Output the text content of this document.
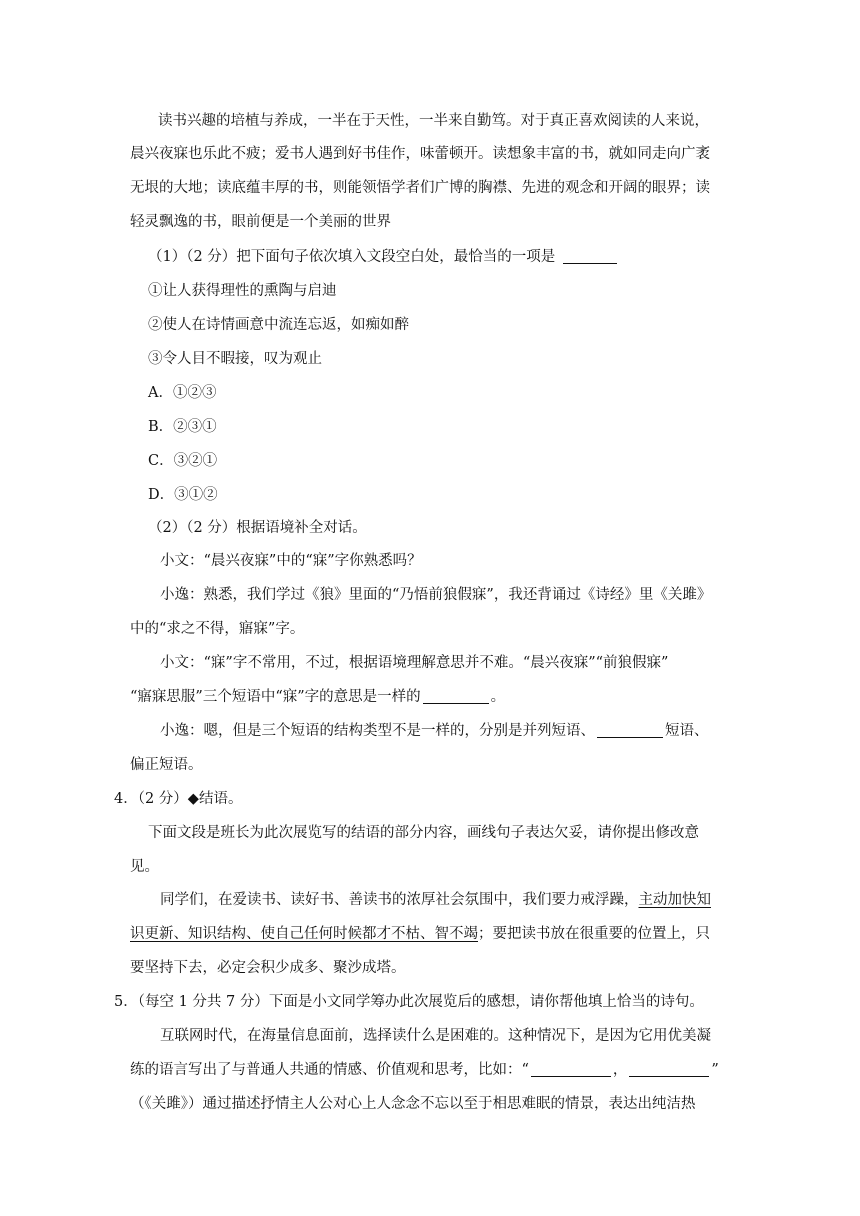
读书兴趣的培植与养成，一半在于天性，一半来自勤笃。对于真正喜欢阅读的人来说，
晨兴夜寐也乐此不疲；爱书人遇到好书佳作，味蕾顿开。读想象丰富的书，就如同走向广袤
无垠的大地；读底蕴丰厚的书，则能领悟学者们广博的胸襟、先进的观念和开阔的眼界；读
轻灵飘逸的书，眼前便是一个美丽的世界
（1）（2 分）把下面句子依次填入文段空白处，最恰当的一项是
①让人获得理性的熏陶与启迪
②使人在诗情画意中流连忘返，如痴如醉
③令人目不暇接，叹为观止
A．①②③
B．②③①
C．③②①
D．③①②
（2）（2 分）根据语境补全对话。
小文：“晨兴夜寐”中的“寐”字你熟悉吗？
小逸：熟悉，我们学过《狼》里面的“乃悟前狼假寐”，我还背诵过《诗经》里《关雎》
中的“求之不得，寤寐”字。
小文：“寐”字不常用，不过，根据语境理解意思并不难。“晨兴夜寐”“前狼假寐”
“寤寐思服”三个短语中“寐”字的意思是一样的	。
小逸：嗯，但是三个短语的结构类型不是一样的，分别是并列短语、	短语、
偏正短语。
4．（2 分）◆结语。
下面文段是班长为此次展览写的结语的部分内容，画线句子表达欠妥，请你提出修改意
见。
同学们，在爱读书、读好书、善读书的浓厚社会氛围中，我们要力戒浮躁，主动加快知
识更新、知识结构、使自己任何时候都才不枯、智不竭；要把读书放在很重要的位置上，只
要坚持下去，必定会积少成多、聚沙成塔。
5．（每空 1 分共 7 分）下面是小文同学筹办此次展览后的感想，请你帮他填上恰当的诗句。
互联网时代，在海量信息面前，选择读什么是困难的。这种情况下，是因为它用优美凝
练的语言写出了与普通人共通的情感、价值观和思考，比如：“	，	”
（《关雎》）通过描述抒情主人公对心上人念念不忘以至于相思难眠的情景，表达出纯洁热
